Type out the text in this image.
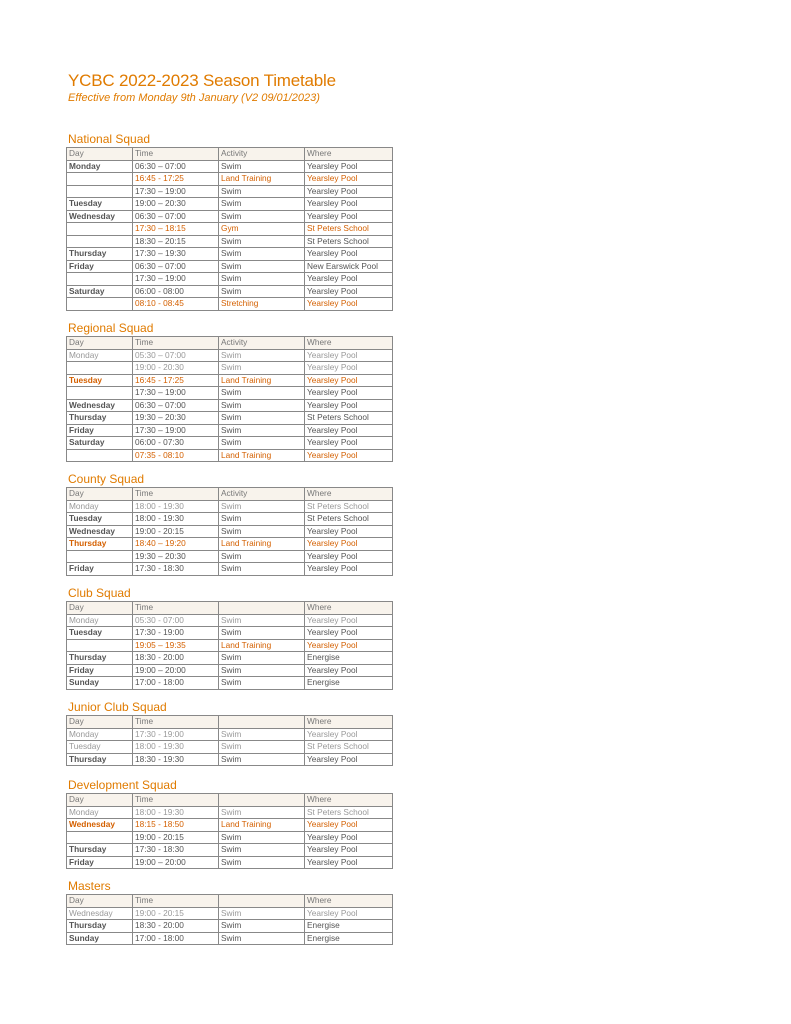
YCBC 2022-2023 Season Timetable
Effective from Monday 9th January (V2 09/01/2023)
National Squad
Day	Time	Activity	Where
Monday	06:30 – 07:00	Swim	Yearsley Pool
	16:45 - 17:25	Land Training	Yearsley Pool
	17:30 – 19:00	Swim	Yearsley Pool
Tuesday	19:00 – 20:30	Swim	Yearsley Pool
Wednesday	06:30 – 07:00	Swim	Yearsley Pool
	17:30 – 18:15	Gym	St Peters School
	18:30 – 20:15	Swim	St Peters School
Thursday	17:30 – 19:30	Swim	Yearsley Pool
Friday	06:30 – 07:00	Swim	New Earswick Pool
	17:30 – 19:00	Swim	Yearsley Pool
Saturday	06:00 - 08:00	Swim	Yearsley Pool
	08:10 - 08:45	Stretching	Yearsley Pool
Regional Squad
Day	Time	Activity	Where
Monday	05:30 – 07:00	Swim	Yearsley Pool
	19:00 - 20:30	Swim	Yearsley Pool
Tuesday	16:45 - 17:25	Land Training	Yearsley Pool
	17:30 – 19:00	Swim	Yearsley Pool
Wednesday	06:30 – 07:00	Swim	Yearsley Pool
Thursday	19:30 – 20:30	Swim	St Peters School
Friday	17:30 – 19:00	Swim	Yearsley Pool
Saturday	06:00 - 07:30	Swim	Yearsley Pool
	07:35 - 08:10	Land Training	Yearsley Pool
County Squad
Day	Time	Activity	Where
Monday	18:00 - 19:30	Swim	St Peters School
Tuesday	18:00 - 19:30	Swim	St Peters School
Wednesday	19:00 - 20:15	Swim	Yearsley Pool
Thursday	18:40 – 19:20	Land Training	Yearsley Pool
	19:30 – 20:30	Swim	Yearsley Pool
Friday	17:30 - 18:30	Swim	Yearsley Pool
Club Squad
Day	Time		Where
Monday	05:30 - 07:00	Swim	Yearsley Pool
Tuesday	17:30 - 19:00	Swim	Yearsley Pool
	19:05 – 19:35	Land Training	Yearsley Pool
Thursday	18:30 - 20:00	Swim	Energise
Friday	19:00 – 20:00	Swim	Yearsley Pool
Sunday	17:00 - 18:00	Swim	Energise
Junior Club Squad
Day	Time		Where
Monday	17:30 - 19:00	Swim	Yearsley Pool
Tuesday	18:00 - 19:30	Swim	St Peters School
Thursday	18:30 - 19:30	Swim	Yearsley Pool
Development Squad
Day	Time		Where
Monday	18:00 - 19:30	Swim	St Peters School
Wednesday	18:15 - 18:50	Land Training	Yearsley Pool
	19:00 - 20:15	Swim	Yearsley Pool
Thursday	17:30 - 18:30	Swim	Yearsley Pool
Friday	19:00 – 20:00	Swim	Yearsley Pool
Masters
Day	Time		Where
Wednesday	19:00 - 20:15	Swim	Yearsley Pool
Thursday	18:30 - 20:00	Swim	Energise
Sunday	17:00 - 18:00	Swim	Energise
